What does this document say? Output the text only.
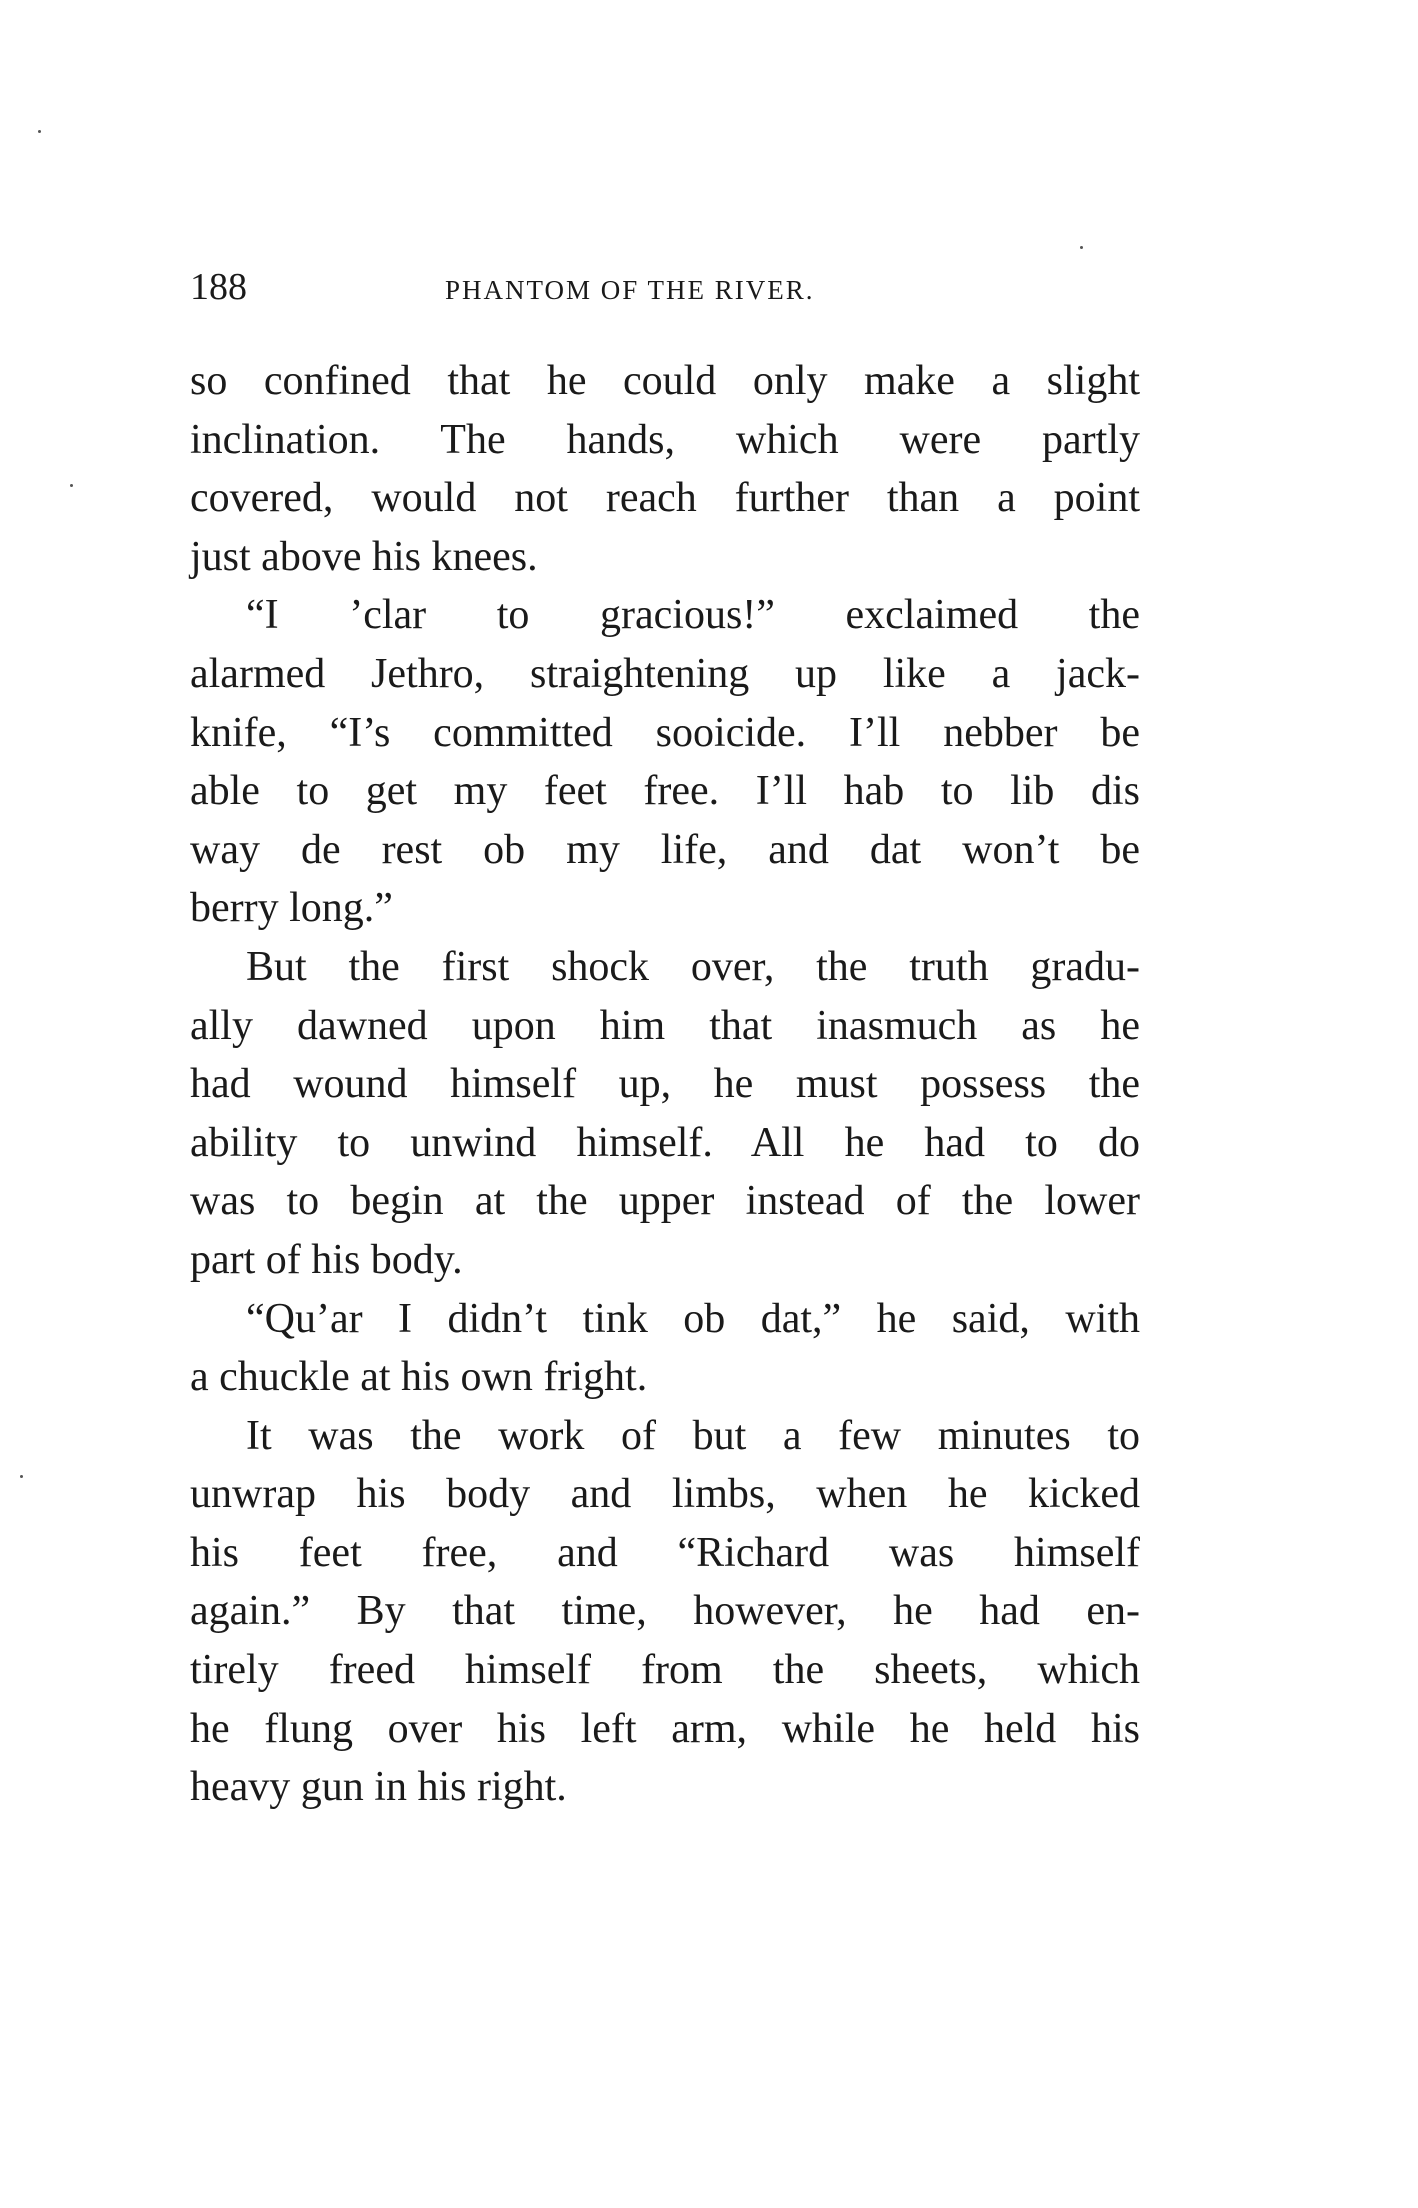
188	PHANTOM OF THE RIVER.
so confined that he could only make a slight
inclination. The hands, which were partly
covered, would not reach further than a point
just above his knees.
“I ’clar to gracious!” exclaimed the
alarmed Jethro, straightening up like a jack-
knife, “I’s committed sooicide. I’ll nebber be
able to get my feet free. I’ll hab to lib dis
way de rest ob my life, and dat won’t be
berry long.”
But the first shock over, the truth gradu-
ally dawned upon him that inasmuch as he
had wound himself up, he must possess the
ability to unwind himself. All he had to do
was to begin at the upper instead of the lower
part of his body.
“Qu’ar I didn’t tink ob dat,” he said, with
a chuckle at his own fright.
It was the work of but a few minutes to
unwrap his body and limbs, when he kicked
his feet free, and “Richard was himself
again.” By that time, however, he had en-
tirely freed himself from the sheets, which
he flung over his left arm, while he held his
heavy gun in his right.
